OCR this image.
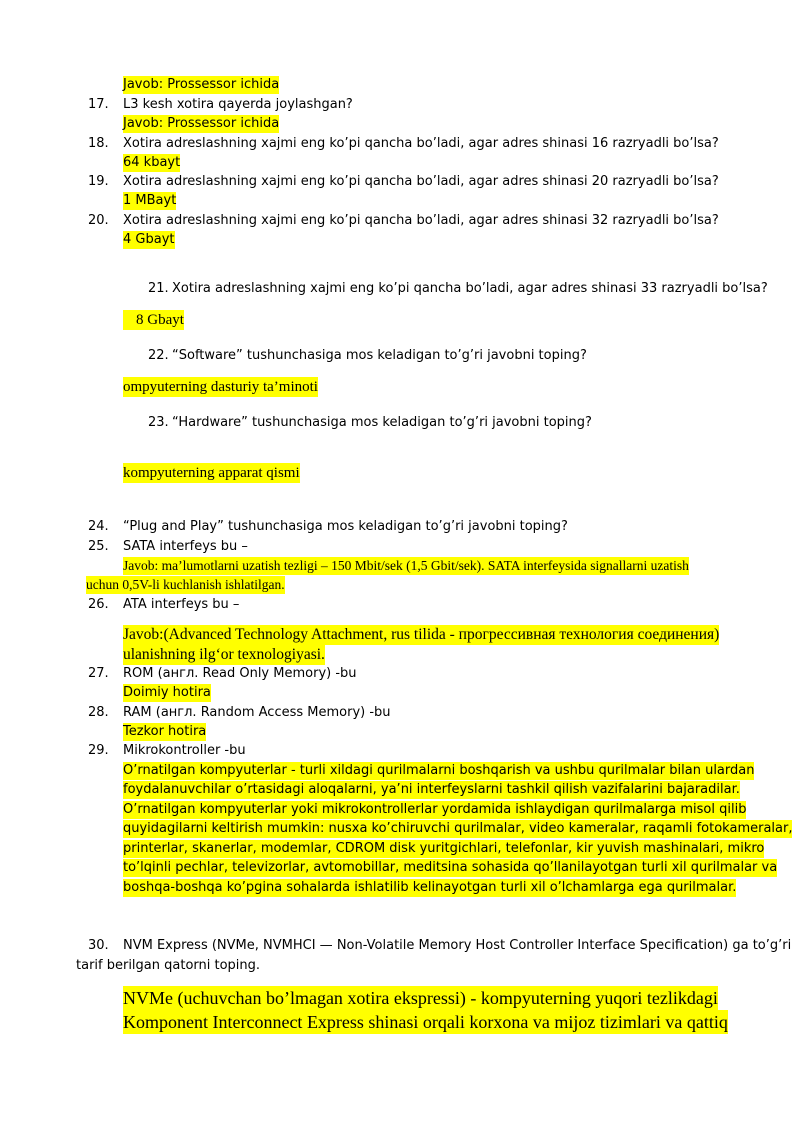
Javob: Prossessor ichida
17. L3 kesh xotira qayerda joylashgan?
Javob: Prossessor ichida
18. Xotira adreslashning xajmi eng ko’pi qancha bo’ladi, agar adres shinasi 16 razryadli bo’lsa?
64 kbayt
19. Xotira adreslashning xajmi eng ko’pi qancha bo’ladi, agar adres shinasi 20 razryadli bo’lsa?
1 MBayt
20. Xotira adreslashning xajmi eng ko’pi qancha bo’ladi, agar adres shinasi 32 razryadli bo’lsa?
4 Gbayt
21. Xotira adreslashning xajmi eng ko’pi qancha bo’ladi, agar adres shinasi 33 razryadli bo’lsa?
8 Gbayt
22. “Software” tushunchasiga mos keladigan to’g’ri javobni toping?
ompyuterning dasturiy ta’minoti
23. “Hardware” tushunchasiga mos keladigan to’g’ri javobni toping?
kompyuterning apparat qismi
24. “Plug and Play” tushunchasiga mos keladigan to’g’ri javobni toping?
25. SATA interfeys bu –
Javob: ma’lumotlarni uzatish tezligi – 150 Mbit/sek (1,5 Gbit/sek). SATA interfeysida signallarni uzatish
uchun 0,5V-li kuchlanish ishlatilgan.
26. ATA interfeys bu –
Javob:(Advanced Technology Attachment, rus tilida - прогрессивная технология соединения)
ulanishning ilg‘or texnologiyasi.
27. ROM (англ. Read Only Memory) -bu
Doimiy hotira
28. RAM (англ. Random Access Memory) -bu
Tezkor hotira
29. Mikrokontroller -bu
O’rnatilgan kompyuterlar - turli xildagi qurilmalarni boshqarish va ushbu qurilmalar bilan ulardan
foydalanuvchilar o’rtasidagi aloqalarni, ya’ni interfeyslarni tashkil qilish vazifalarini bajaradilar.
O’rnatilgan kompyuterlar yoki mikrokontrollerlar yordamida ishlaydigan qurilmalarga misol qilib
quyidagilarni keltirish mumkin: nusxa ko’chiruvchi qurilmalar, video kameralar, raqamli fotokameralar,
printerlar, skanerlar, modemlar, CDROM disk yuritgichlari, telefonlar, kir yuvish mashinalari, mikro
to’lqinli pechlar, televizorlar, avtomobillar, meditsina sohasida qo’llanilayotgan turli xil qurilmalar va
boshqa-boshqa ko’pgina sohalarda ishlatilib kelinayotgan turli xil o’lchamlarga ega qurilmalar.
30. NVM Express (NVMe, NVMHCI — Non-Volatile Memory Host Controller Interface Specification) ga to’g’ri
tarif berilgan qatorni toping.
NVMe (uchuvchan bo’lmagan xotira ekspressi) - kompyuterning yuqori tezlikdagi
Komponent Interconnect Express shinasi orqali korxona va mijoz tizimlari va qattiq
